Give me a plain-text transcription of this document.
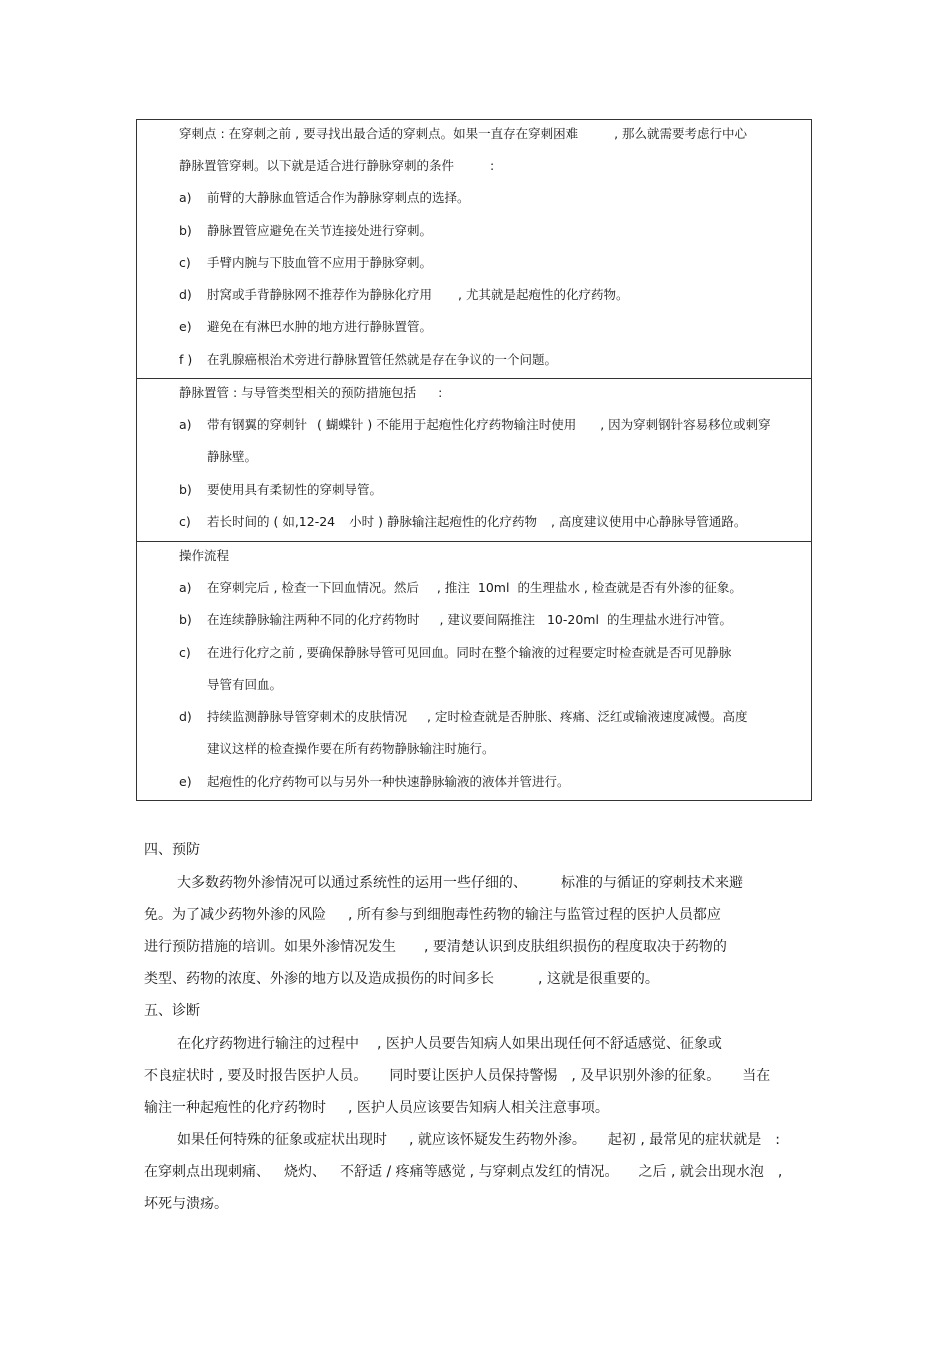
穿刺点 : 在穿刺之前 , 要寻找出最合适的穿刺点。如果一直存在穿刺困难	, 那么就需要考虑行中心
静脉置管穿刺。以下就是适合进行静脉穿刺的条件	:
a) 前臂的大静脉血管适合作为静脉穿刺点的选择。
b) 静脉置管应避免在关节连接处进行穿刺。
c) 手臂内腕与下肢血管不应用于静脉穿刺。
d) 肘窝或手背静脉网不推荐作为静脉化疗用 , 尤其就是起疱性的化疗药物。
e) 避免在有淋巴水肿的地方进行静脉置管。
f ) 在乳腺癌根治术旁进行静脉置管任然就是存在争议的一个问题。
静脉置管 : 与导管类型相关的预防措施包括 :
a) 带有钢翼的穿刺针 ( 蝴蝶针 ) 不能用于起疱性化疗药物输注时使用 , 因为穿刺钢针容易移位或刺穿
静脉壁。
b) 要使用具有柔韧性的穿刺导管。
c) 若长时间的 ( 如,12-24 小时 ) 静脉输注起疱性的化疗药物 , 高度建议使用中心静脉导管通路。
操作流程
a) 在穿刺完后 , 检查一下回血情况。然后 , 推注 10ml 的生理盐水 , 检查就是否有外渗的征象。
b) 在连续静脉输注两种不同的化疗药物时 , 建议要间隔推注 10-20ml 的生理盐水进行冲管。
c) 在进行化疗之前 , 要确保静脉导管可见回血。同时在整个输液的过程要定时检查就是否可见静脉
导管有回血。
d) 持续监测静脉导管穿刺术的皮肤情况 , 定时检查就是否肿胀、疼痛、泛红或输液速度减慢。高度
建议这样的检查操作要在所有药物静脉输注时施行。
e) 起疱性的化疗药物可以与另外一种快速静脉输液的液体并管进行。
四、预防
大多数药物外渗情况可以通过系统性的运用一些仔细的、 标准的与循证的穿刺技术来避
免。为了减少药物外渗的风险 , 所有参与到细胞毒性药物的输注与监管过程的医护人员都应
进行预防措施的培训。如果外渗情况发生 , 要清楚认识到皮肤组织损伤的程度取决于药物的
类型、药物的浓度、外渗的地方以及造成损伤的时间多长	, 这就是很重要的。
五、诊断
在化疗药物进行输注的过程中 , 医护人员要告知病人如果出现任何不舒适感觉、征象或
不良症状时 , 要及时报告医护人员。 同时要让医护人员保持警惕 , 及早识别外渗的征象。 当在
输注一种起疱性的化疗药物时 , 医护人员应该要告知病人相关注意事项。
如果任何特殊的征象或症状出现时 , 就应该怀疑发生药物外渗。 起初 , 最常见的症状就是 :
在穿刺点出现刺痛、 烧灼、 不舒适 / 疼痛等感觉 , 与穿刺点发红的情况。 之后 , 就会出现水泡 ,
坏死与溃疡。
